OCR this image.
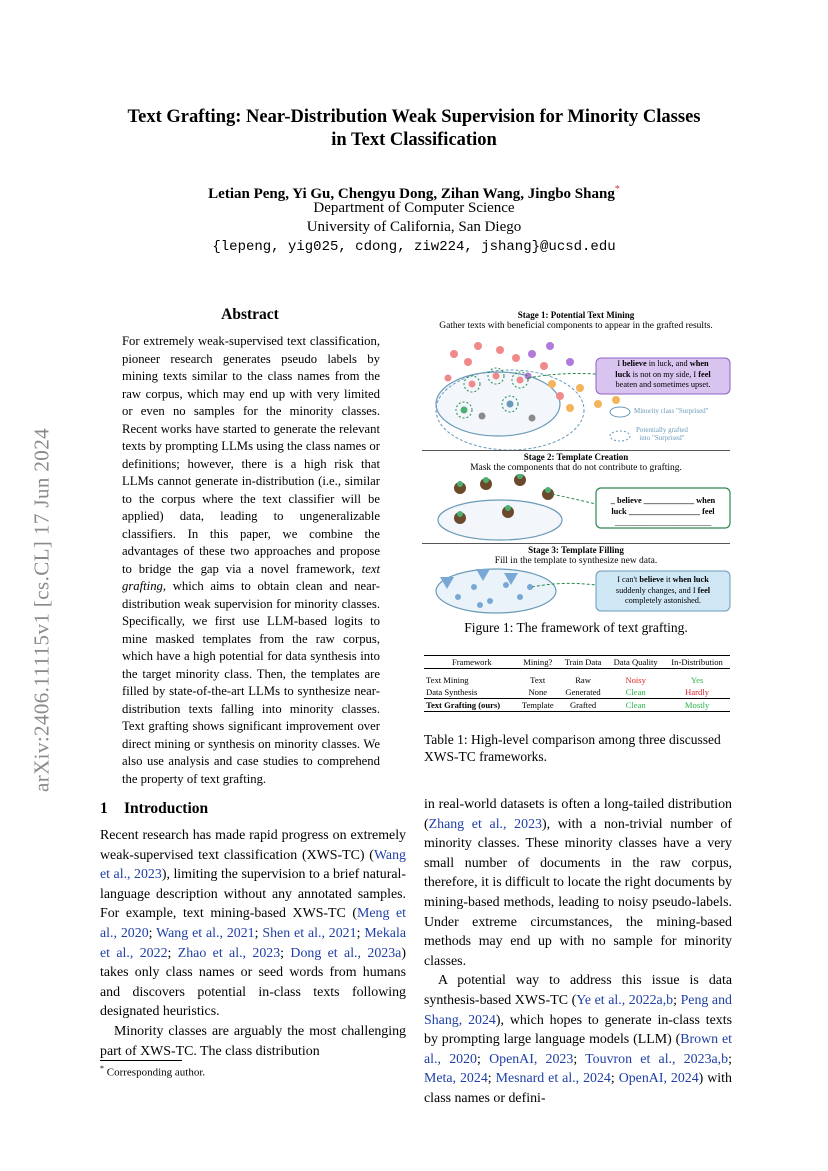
Text Grafting: Near-Distribution Weak Supervision for Minority Classes
in Text Classification
Letian Peng, Yi Gu, Chengyu Dong, Zihan Wang, Jingbo Shang*
Department of Computer Science
University of California, San Diego
{lepeng, yig025, cdong, ziw224, jshang}@ucsd.edu
arXiv:2406.11115v1 [cs.CL] 17 Jun 2024
Abstract
For extremely weak-supervised text classification, pioneer research generates pseudo labels by mining texts similar to the class names from the raw corpus, which may end up with very limited or even no samples for the minority classes. Recent works have started to generate the relevant texts by prompting LLMs using the class names or definitions; however, there is a high risk that LLMs cannot generate in-distribution (i.e., similar to the corpus where the text classifier will be applied) data, leading to ungeneralizable classifiers. In this paper, we combine the advantages of these two approaches and propose to bridge the gap via a novel framework, text grafting, which aims to obtain clean and near-distribution weak supervision for minority classes. Specifically, we first use LLM-based logits to mine masked templates from the raw corpus, which have a high potential for data synthesis into the target minority class. Then, the templates are filled by state-of-the-art LLMs to synthesize near-distribution texts falling into minority classes. Text grafting shows significant improvement over direct mining or synthesis on minority classes. We also use analysis and case studies to comprehend the property of text grafting.
1 Introduction

Recent research has made rapid progress on extremely weak-supervised text classification (XWS-TC) (Wang et al., 2023), limiting the supervision to a brief natural-language description without any annotated samples. For example, text mining-based XWS-TC (Meng et al., 2020; Wang et al., 2021; Shen et al., 2021; Mekala et al., 2022; Zhao et al., 2023; Dong et al., 2023a) takes only class names or seed words from humans and discovers potential in-class texts following designated heuristics.

Minority classes are arguably the most challenging part of XWS-TC. The class distribution

* Corresponding author.
Stage 1: Potential Text Mining
Gather texts with beneficial components to appear in the grafted results.
I believe in luck, and when
luck is not on my side, I feel
beaten and sometimes upset.
Minority class "Surprised"
Potentially grafted
into "Surprised"
Stage 2: Template Creation
Mask the components that do not contribute to grafting.
_ believe ____________ when
luck _________________ feel
_______________________
Stage 3: Template Filling
Fill in the template to synthesize new data.
I can't believe it when luck
suddenly changes, and I feel
completely astonished.
Figure 1: The framework of text grafting.
Framework	Mining?	Train Data	Data Quality	In-Distribution
Text Mining	Text	Raw	Noisy	Yes
Data Synthesis	None	Generated	Clean	Hardly
Text Grafting (ours)	Template	Grafted	Clean	Mostly
Table 1: High-level comparison among three discussed XWS-TC frameworks.

in real-world datasets is often a long-tailed distribution (Zhang et al., 2023), with a non-trivial number of minority classes. These minority classes have a very small number of documents in the raw corpus, therefore, it is difficult to locate the right documents by mining-based methods, leading to noisy pseudo-labels. Under extreme circumstances, the mining-based methods may end up with no sample for minority classes.

A potential way to address this issue is data synthesis-based XWS-TC (Ye et al., 2022a,b; Peng and Shang, 2024), which hopes to generate in-class texts by prompting large language models (LLM) (Brown et al., 2020; OpenAI, 2023; Touvron et al., 2023a,b; Meta, 2024; Mesnard et al., 2024; OpenAI, 2024) with class names or defini-
